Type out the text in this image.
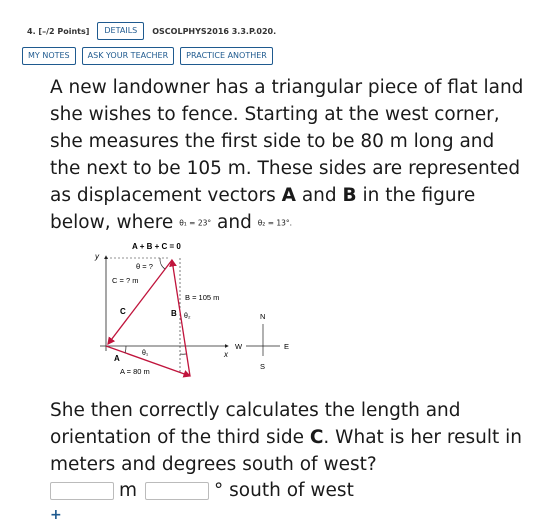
4. [–/2 Points]	DETAILS	OSCOLPHYS2016 3.3.P.020.
MY NOTES	ASK YOUR TEACHER	PRACTICE ANOTHER

A new landowner has a triangular piece of flat land she wishes to fence. Starting at the west corner, she measures the first side to be 80 m long and the next to be 105 m. These sides are represented as displacement vectors A and B in the figure below, where θ₁ = 23° and θ₂ = 13°.

A + B + C = 0
y
θ = ?
C = ? m
C
B = 105 m
B θ₂
θ₁
A
A = 80 m
x
N
S
W	E

She then correctly calculates the length and orientation of the third side C. What is her result in meters and degrees south of west?

m	° south of west
+
